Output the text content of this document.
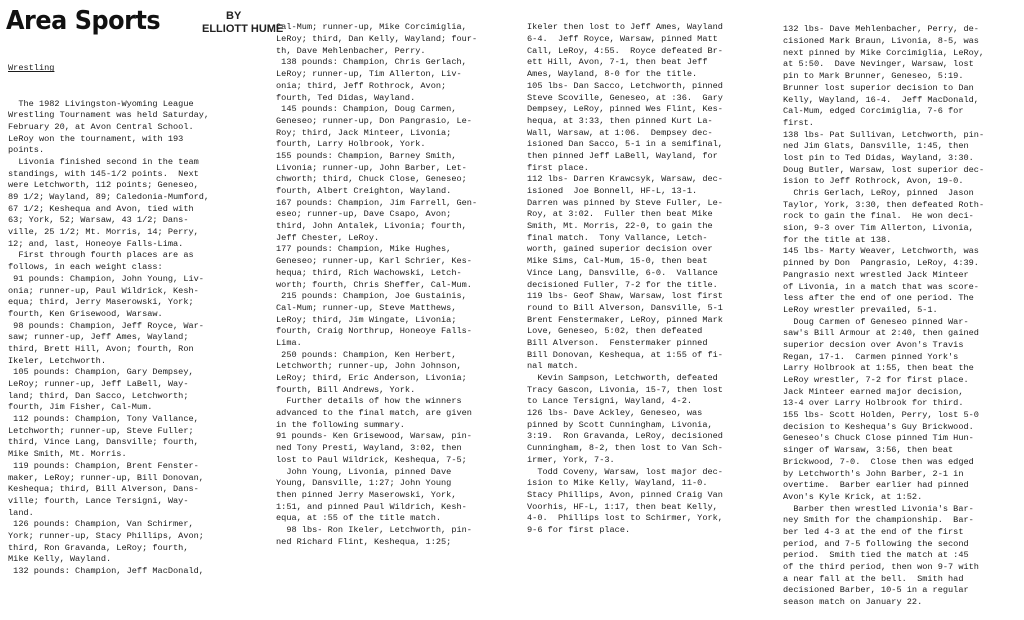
Area Sports	BY
ELLIOTT HUME

Wrestling

The 1982 Livingston-Wyoming League
Wrestling Tournament was held Saturday,
February 20, at Avon Central School.
LeRoy won the tournament, with 193
points.
Livonia finished second in the team
standings, with 145-1/2 points.  Next
were Letchworth, 112 points; Geneseo,
89 1/2; Wayland, 89; Caledonia-Mumford,
67 1/2; Keshequa and Avon, tied with
63; York, 52; Warsaw, 43 1/2; Dans-
ville, 25 1/2; Mt. Morris, 14; Perry,
12; and, last, Honeoye Falls-Lima.
First through fourth places are as
follows, in each weight class:
91 pounds: Champion, John Young, Liv-
onia; runner-up, Paul Wildrick, Kesh-
equa; third, Jerry Maserowski, York;
fourth, Ken Grisewood, Warsaw.
98 pounds: Champion, Jeff Royce, War-
saw; runner-up, Jeff Ames, Wayland;
third, Brett Hill, Avon; fourth, Ron
Ikeler, Letchworth.
105 pounds: Champion, Gary Dempsey,
LeRoy; runner-up, Jeff LaBell, Way-
land; third, Dan Sacco, Letchworth;
fourth, Jim Fisher, Cal-Mum.
112 pounds: Champion, Tony Vallance,
Letchworth; runner-up, Steve Fuller;
third, Vince Lang, Dansville; fourth,
Mike Smith, Mt. Morris.
119 pounds: Champion, Brent Fenster-
maker, LeRoy; runner-up, Bill Donovan,
Keshequa; third, Bill Alverson, Dans-
ville; fourth, Lance Tersigni, Way-
land.
126 pounds: Champion, Van Schirmer,
York; runner-up, Stacy Phillips, Avon;
third, Ron Gravanda, LeRoy; fourth,
Mike Kelly, Wayland.
132 pounds: Champion, Jeff MacDonald,

Cal-Mum; runner-up, Mike Corcimiglia,
LeRoy; third, Dan Kelly, Wayland; four-
th, Dave Mehlenbacher, Perry.
138 pounds: Champion, Chris Gerlach,
LeRoy; runner-up, Tim Allerton, Liv-
onia; third, Jeff Rothrock, Avon;
fourth, Ted Didas, Wayland.
145 pounds: Champion, Doug Carmen,
Geneseo; runner-up, Don Pangrasio, Le-
Roy; third, Jack Minteer, Livonia;
fourth, Larry Holbrook, York.
155 pounds: Champion, Barney Smith,
Livonia; runner-up, John Barber, Let-
chworth; third, Chuck Close, Geneseo;
fourth, Albert Creighton, Wayland.
167 pounds: Champion, Jim Farrell, Gen-
eseo; runner-up, Dave Csapo, Avon;
third, John Antalek, Livonia; fourth,
Jeff Chester, LeRoy.
177 pounds: Champion, Mike Hughes,
Geneseo; runner-up, Karl Schrier, Kes-
hequa; third, Rich Wachowski, Letch-
worth; fourth, Chris Sheffer, Cal-Mum.
215 pounds: Champion, Joe Gustainis,
Cal-Mum; runner-up, Steve Matthews,
LeRoy; third, Jim Wingate, Livonia;
fourth, Craig Northrup, Honeoye Falls-
Lima.
250 pounds: Champion, Ken Herbert,
Letchworth; runner-up, John Johnson,
LeRoy; third, Eric Anderson, Livonia;
fourth, Bill Andrews, York.
Further details of how the winners
advanced to the final match, are given
in the following summary.
91 pounds- Ken Grisewood, Warsaw, pin-
ned Tony Presti, Wayland, 3:02, then
lost to Paul Wildrick, Keshequa, 7-5;
John Young, Livonia, pinned Dave
Young, Dansville, 1:27; John Young
then pinned Jerry Maserowski, York,
1:51, and pinned Paul Wildrich, Kesh-
equa, at :55 of the title match.
98 lbs- Ron Ikeler, Letchworth, pin-
ned Richard Flint, Keshequa, 1:25;

Ikeler then lost to Jeff Ames, Wayland
6-4.  Jeff Royce, Warsaw, pinned Matt
Call, LeRoy, 4:55.  Royce defeated Br-
ett Hill, Avon, 7-1, then beat Jeff
Ames, Wayland, 8-0 for the title.
105 lbs- Dan Sacco, Letchworth, pinned
Steve Scoville, Geneseo, at :36.  Gary
Dempsey, LeRoy, pinned Wes Flint, Kes-
hequa, at 3:33, then pinned Kurt La-
Wall, Warsaw, at 1:06.  Dempsey dec-
isioned Dan Sacco, 5-1 in a semifinal,
then pinned Jeff LaBell, Wayland, for
first place.
112 lbs- Darren Krawcsyk, Warsaw, dec-
isioned  Joe Bonnell, HF-L, 13-1.
Darren was pinned by Steve Fuller, Le-
Roy, at 3:02.  Fuller then beat Mike
Smith, Mt. Morris, 22-0, to gain the
final match.  Tony Vallance, Letch-
worth, gained superior decision over
Mike Sims, Cal-Mum, 15-0, then beat
Vince Lang, Dansville, 6-0.  Vallance
decisioned Fuller, 7-2 for the title.
119 lbs- Geof Shaw, Warsaw, lost first
round to Bill Alverson, Dansville, 5-1
Brent Fenstermaker, LeRoy, pinned Mark
Love, Geneseo, 5:02, then defeated
Bill Alverson.  Fenstermaker pinned
Bill Donovan, Keshequa, at 1:55 of fi-
nal match.
Kevin Sampson, Letchworth, defeated
Tracy Gascon, Livonia, 15-7, then lost
to Lance Tersigni, Wayland, 4-2.
126 lbs- Dave Ackley, Geneseo, was
pinned by Scott Cunningham, Livonia,
3:19.  Ron Gravanda, LeRoy, decisioned
Cunningham, 8-2, then lost to Van Sch-
irmer, York, 7-3.
Todd Coveny, Warsaw, lost major dec-
ision to Mike Kelly, Wayland, 11-0.
Stacy Phillips, Avon, pinned Craig Van
Voorhis, HF-L, 1:17, then beat Kelly,
4-0.  Phillips lost to Schirmer, York,
9-6 for first place.

132 lbs- Dave Mehlenbacher, Perry, de-
cisioned Mark Braun, Livonia, 8-5, was
next pinned by Mike Corcimiglia, LeRoy,
at 5:50.  Dave Nevinger, Warsaw, lost
pin to Mark Brunner, Geneseo, 5:19.
Brunner lost superior decision to Dan
Kelly, Wayland, 16-4.  Jeff MacDonald,
Cal-Mum, edged Corcimiglia, 7-6 for
first.
138 lbs- Pat Sullivan, Letchworth, pin-
ned Jim Glats, Dansville, 1:45, then
lost pin to Ted Didas, Wayland, 3:30.
Doug Butler, Warsaw, lost superior dec-
ision to Jeff Rothrock, Avon, 19-0.
Chris Gerlach, LeRoy, pinned  Jason
Taylor, York, 3:30, then defeated Roth-
rock to gain the final.  He won deci-
sion, 9-3 over Tim Allerton, Livonia,
for the title at 138.
145 lbs- Marty Weaver, Letchworth, was
pinned by Don  Pangrasio, LeRoy, 4:39.
Pangrasio next wrestled Jack Minteer
of Livonia, in a match that was score-
less after the end of one period. The
LeRoy wrestler prevailed, 5-1.
Doug Carmen of Geneseo pinned War-
saw's Bill Armour at 2:40, then gained
superior decsion over Avon's Travis
Regan, 17-1.  Carmen pinned York's
Larry Holbrook at 1:55, then beat the
LeRoy wrestler, 7-2 for first place.
Jack Minteer earned major decision,
13-4 over Larry Holbrook for third.
155 lbs- Scott Holden, Perry, lost 5-0
decision to Keshequa's Guy Brickwood.
Geneseo's Chuck Close pinned Tim Hun-
singer of Warsaw, 3:56, then beat
Brickwood, 7-0.  Close then was edged
by Letchworth's John Barber, 2-1 in
overtime.  Barber earlier had pinned
Avon's Kyle Krick, at 1:52.
Barber then wrestled Livonia's Bar-
ney Smith for the championship.  Bar-
ber led 4-3 at the end of the first
period, and 7-5 following the second
period.  Smith tied the match at :45
of the third period, then won 9-7 with
a near fall at the bell.  Smith had
decisioned Barber, 10-5 in a regular
season match on January 22.
